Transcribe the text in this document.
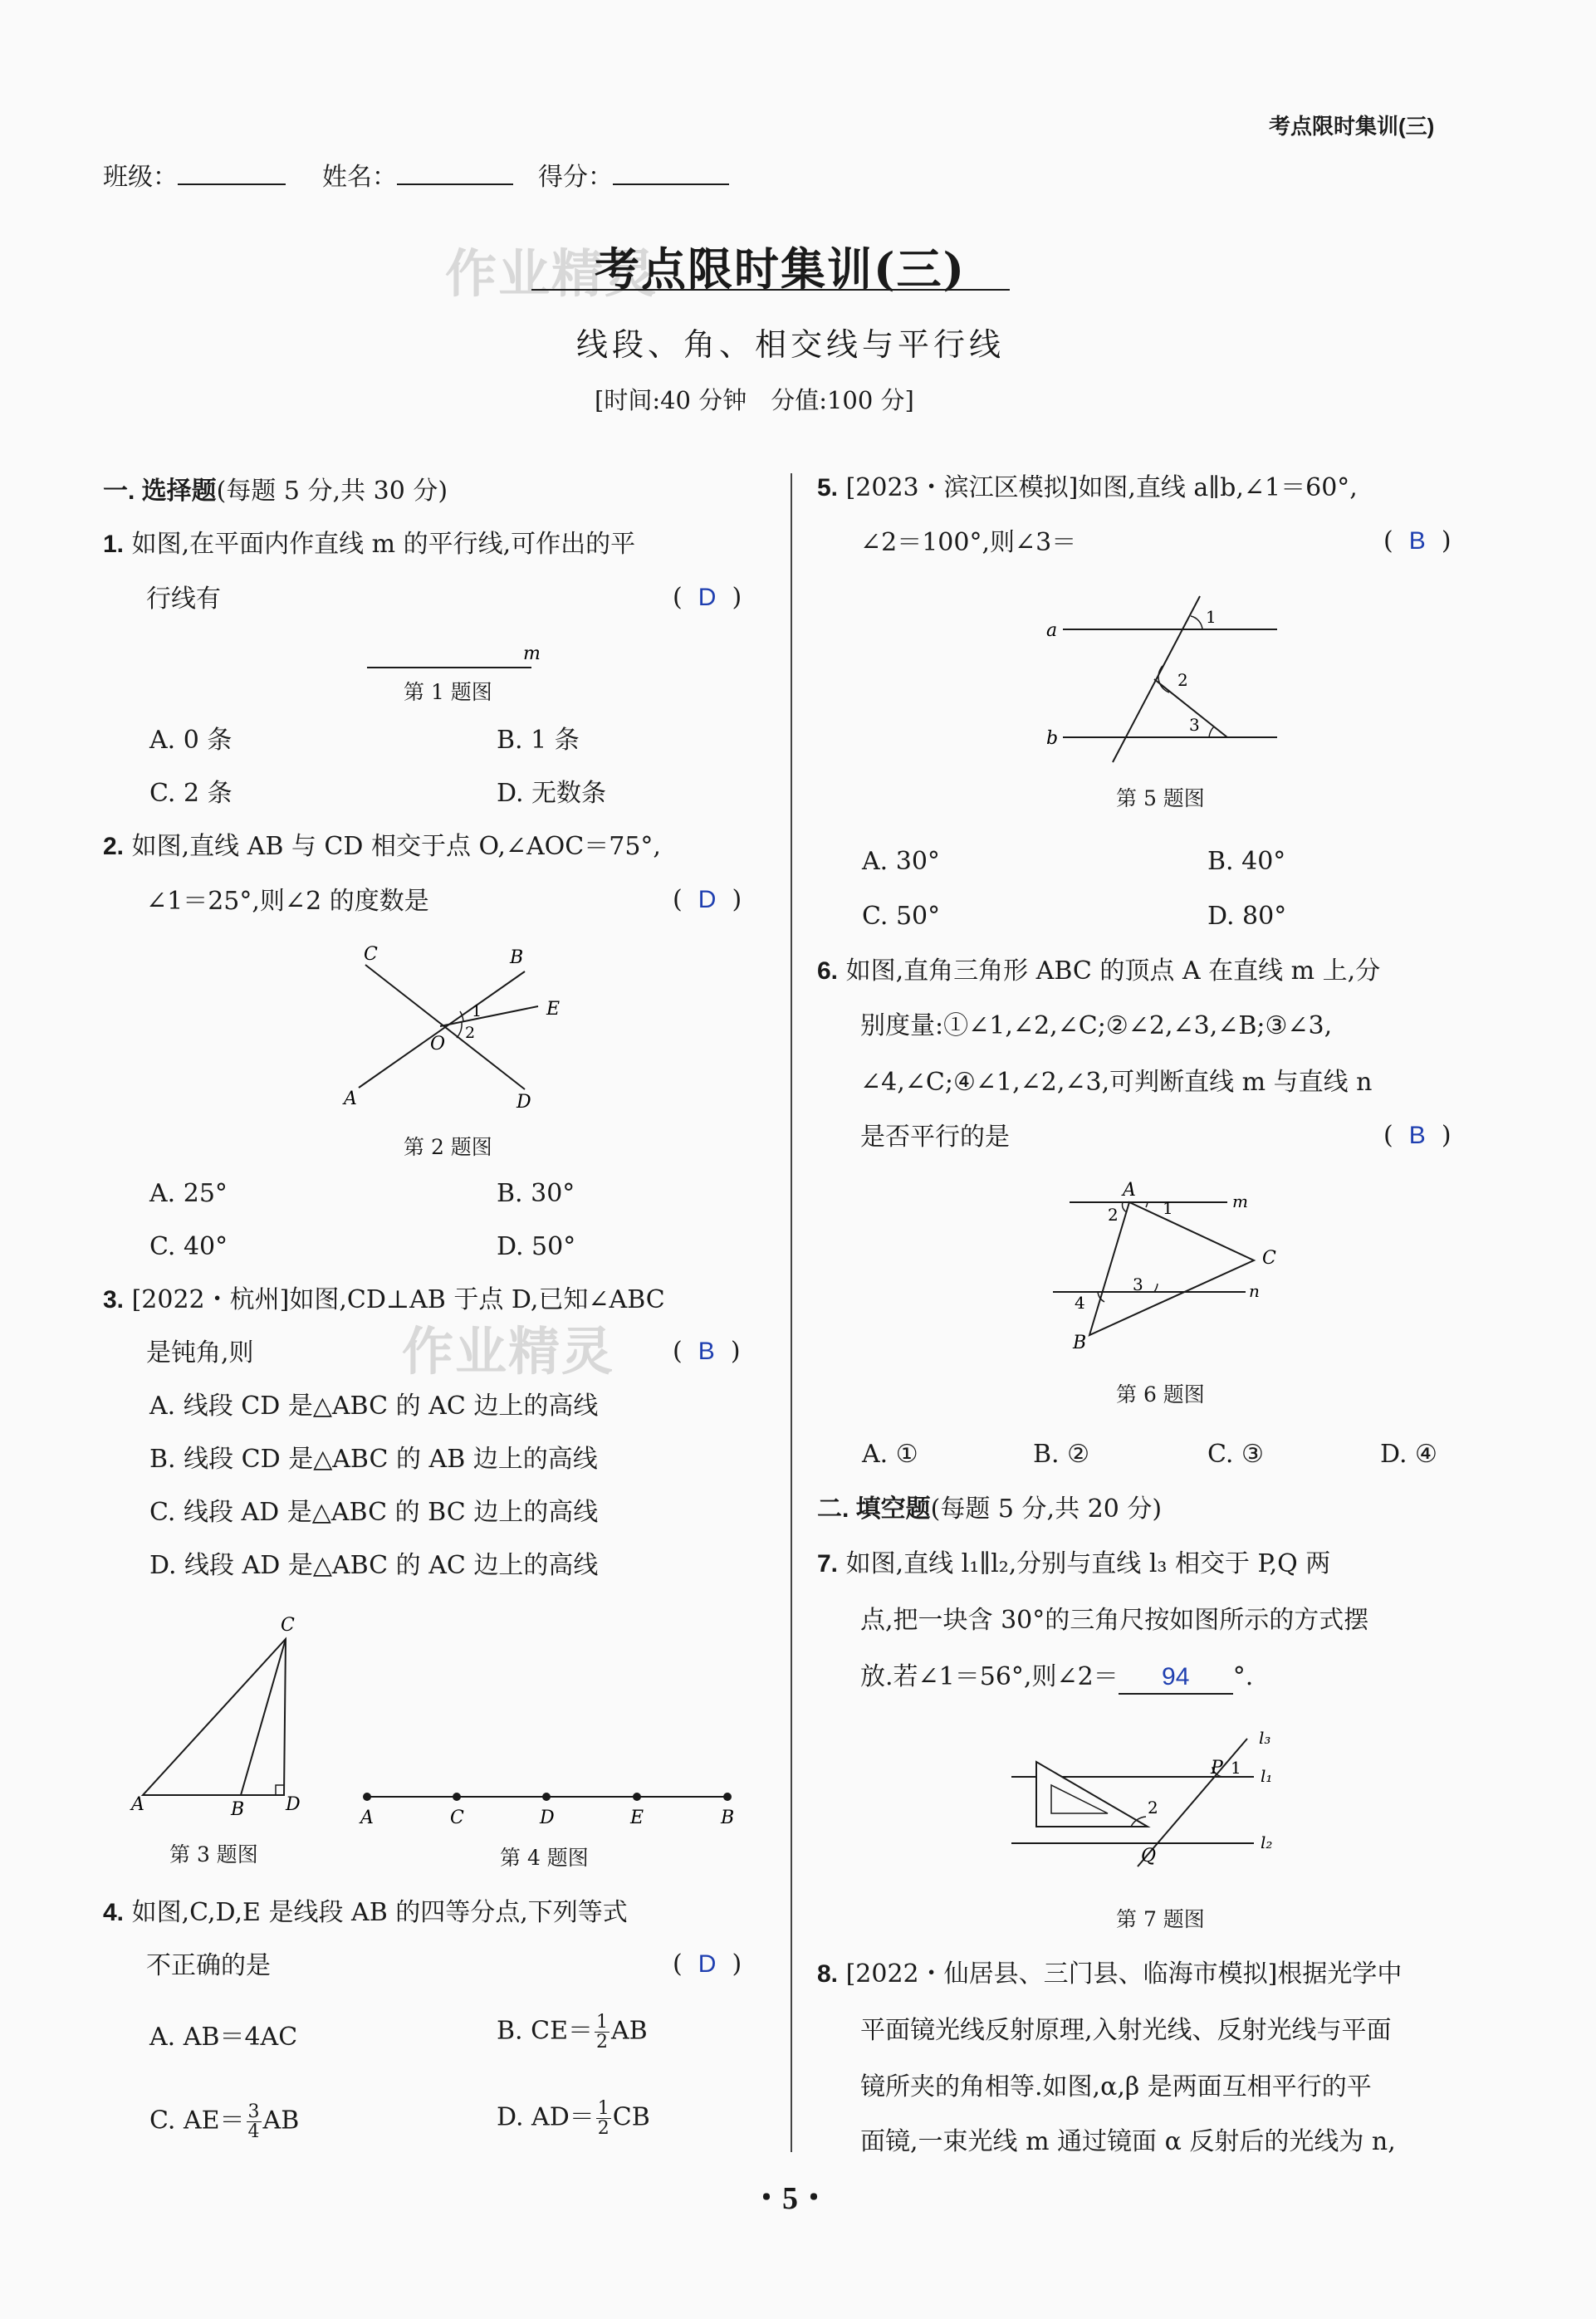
考点限时集训(三)
班级：	姓名：	得分：
作业精灵
作业精灵
考点限时集训(三)
线段、角、相交线与平行线
[时间:40 分钟　分值:100 分]
一. 选择题(每题 5 分,共 30 分)
1. 如图,在平面内作直线 m 的平行线,可作出的平
行线有	(  D  )
m
第 1 题图
A. 0 条	B. 1 条
C. 2 条	D. 无数条
2. 如图,直线 AB 与 CD 相交于点 O,∠AOC＝75°,
∠1＝25°,则∠2 的度数是	(  D  )
C	B
E
O
A	D
1
2
第 2 题图
A. 25°	B. 30°
C. 40°	D. 50°
3. [2022・杭州]如图,CD⊥AB 于点 D,已知∠ABC
是钝角,则	(  B  )
A. 线段 CD 是△ABC 的 AC 边上的高线
B. 线段 CD 是△ABC 的 AB 边上的高线
C. 线段 AD 是△ABC 的 BC 边上的高线
D. 线段 AD 是△ABC 的 AC 边上的高线
C
A	B D
第 3 题图
A	C	D	E	B
第 4 题图
4. 如图,C,D,E 是线段 AB 的四等分点,下列等式
不正确的是	(  D  )
A. AB＝4AC	B. $CE= \frac{1}{2}$ AB
C. $AE= \frac{3}{4}$ AB	D. $AD= \frac{1}{2}$ CB
5. [2023・滨江区模拟]如图,直线 a∥b,∠1＝60°,
∠2＝100°,则∠3＝	(  B  )
a
b
1
2
3
第 5 题图
A. 30°	B. 40°
C. 50°	D. 80°
6. 如图,直角三角形 ABC 的顶点 A 在直线 m 上,分
别度量:①∠1,∠2,∠C;②∠2,∠3,∠B;③∠3,
∠4,∠C;④∠1,∠2,∠3,可判断直线 m 与直线 n
是否平行的是	(  B  )
A
m
C
n
B
1
2
3
4
第 6 题图
A. ①	B. ②	C. ③	D. ④
二. 填空题(每题 5 分,共 20 分)
7. 如图,直线 l₁∥l₂,分别与直线 l₃ 相交于 P,Q 两
点,把一块含 30°的三角尺按如图所示的方式摆
放.若∠1＝56°,则∠2＝ 94 °.
l₃
l₁
l₂
P
Q
1
2
第 7 题图
8. [2022・仙居县、三门县、临海市模拟]根据光学中
平面镜光线反射原理,入射光线、反射光线与平面
镜所夹的角相等.如图,α,β 是两面互相平行的平
面镜,一束光线 m 通过镜面 α 反射后的光线为 n,
・5・
